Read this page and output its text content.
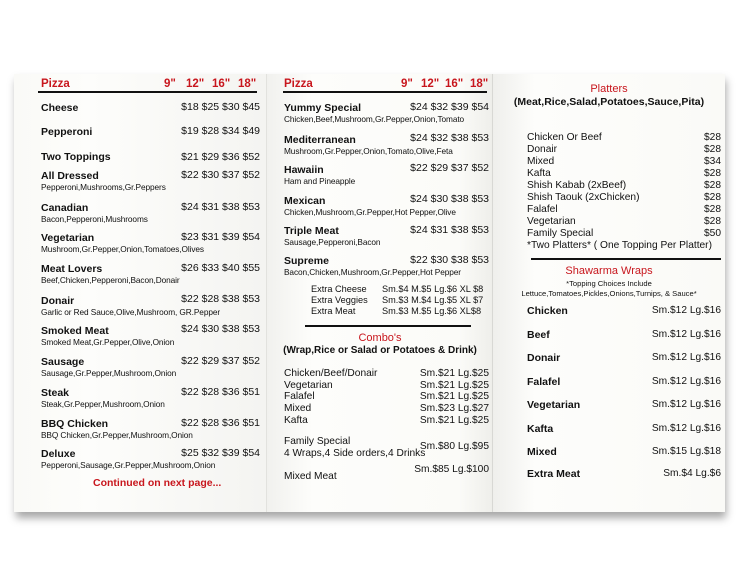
Pizza	9" 12" 16" 18"
Cheese	$18 $25 $30 $45
Pepperoni	$19 $28 $34 $49
Two Toppings	$21 $29 $36 $52
All Dressed
Pepperoni,Mushrooms,Gr.Peppers
$22 $30 $37 $52
Canadian
Bacon,Pepperoni,Mushrooms
$24 $31 $38 $53
Vegetarian
Mushroom,Gr.Pepper,Onion,Tomatoes,Olives
$23 $31 $39 $54
Meat Lovers
Beef,Chicken,Pepperoni,Bacon,Donair
$26 $33 $40 $55
Donair
Garlic or Red Sauce,Olive,Mushroom, GR.Pepper
$22 $28 $38 $53
Smoked Meat
Smoked Meat,Gr.Pepper,Olive,Onion
$24 $30 $38 $53
Sausage
Sausage,Gr.Pepper,Mushroom,Onion
$22 $29 $37 $52
Steak
Steak,Gr.Pepper,Mushroom,Onion
$22 $28 $36 $51
BBQ Chicken
BBQ Chicken,Gr.Pepper,Mushroom,Onion
$22 $28 $36 $51
Deluxe
Pepperoni,Sausage,Gr.Pepper,Mushroom,Onion
$25 $32 $39 $54
Continued on next page...
Pizza	9" 12" 16" 18"
Yummy Special
Chicken,Beef,Mushroom,Gr.Pepper,Onion,Tomato
$24 $32 $39 $54
Mediterranean
Mushroom,Gr.Pepper,Onion,Tomato,Olive,Feta
$24 $32 $38 $53
Hawaiin
Ham and Pineapple
$22 $29 $37 $52
Mexican
Chicken,Mushroom,Gr.Pepper,Hot Pepper,Olive
$24 $30 $38 $53
Triple Meat
Sausage,Pepperoni,Bacon
$24 $31 $38 $53
Supreme
Bacon,Chicken,Mushroom,Gr.Pepper,Hot Pepper
$22 $30 $38 $53
Extra Cheese Sm.$4 M.$5 Lg.$6 XL $8
Extra Veggies Sm.$3 M.$4 Lg.$5 XL $7
Extra Meat	Sm.$3 M.$5 Lg.$6 XL$8
Combo's
(Wrap,Rice or Salad or Potatoes & Drink)
Chicken/Beef/Donair	Sm.$21 Lg.$25
Vegetarian	Sm.$21 Lg.$25
Falafel	Sm.$21 Lg.$25
Mixed	Sm.$23 Lg.$27
Kafta	Sm.$21 Lg.$25
Family Special
4 Wraps,4 Side orders,4 Drinks
Sm.$80 Lg.$95
Mixed Meat
Sm.$85 Lg.$100
Platters
(Meat,Rice,Salad,Potatoes,Sauce,Pita)
Chicken Or Beef	$28
Donair	$28
Mixed	$34
Kafta	$28
Shish Kabab (2xBeef)	$28
Shish Taouk (2xChicken)	$28
Falafel	$28
Vegetarian	$28
Family Special	$50
*Two Platters* ( One Topping Per Platter)
Shawarma Wraps
*Topping Choices Include
Lettuce,Tomatoes,Pickles,Onions,Turnips, & Sauce*
Chicken	Sm.$12 Lg.$16
Beef	Sm.$12 Lg.$16
Donair	Sm.$12 Lg.$16
Falafel	Sm.$12 Lg.$16
Vegetarian	Sm.$12 Lg.$16
Kafta	Sm.$12 Lg.$16
Mixed	Sm.$15 Lg.$18
Extra Meat	Sm.$4 Lg.$6
